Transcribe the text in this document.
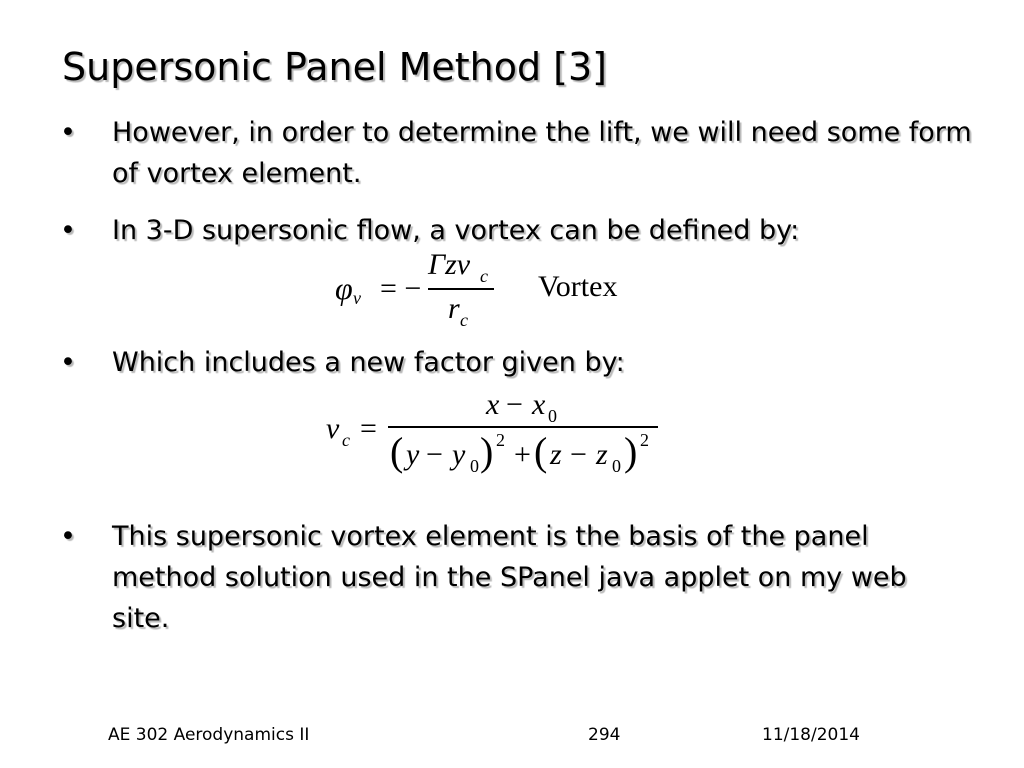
Supersonic Panel Method [3]
•	However, in order to determine the lift, we will need some form of vortex element.
•	In 3-D supersonic flow, a vortex can be defined by:
φ v = −
Γzv c
r c
Vortex
•	Which includes a new factor given by:
v c =
x − x 0
( y − y 0 ) 2 + ( z − z 0 ) 2
•	This supersonic vortex element is the basis of the panel method solution used in the SPanel java applet on my web site.
AE 302 Aerodynamics II	294	11/18/2014
